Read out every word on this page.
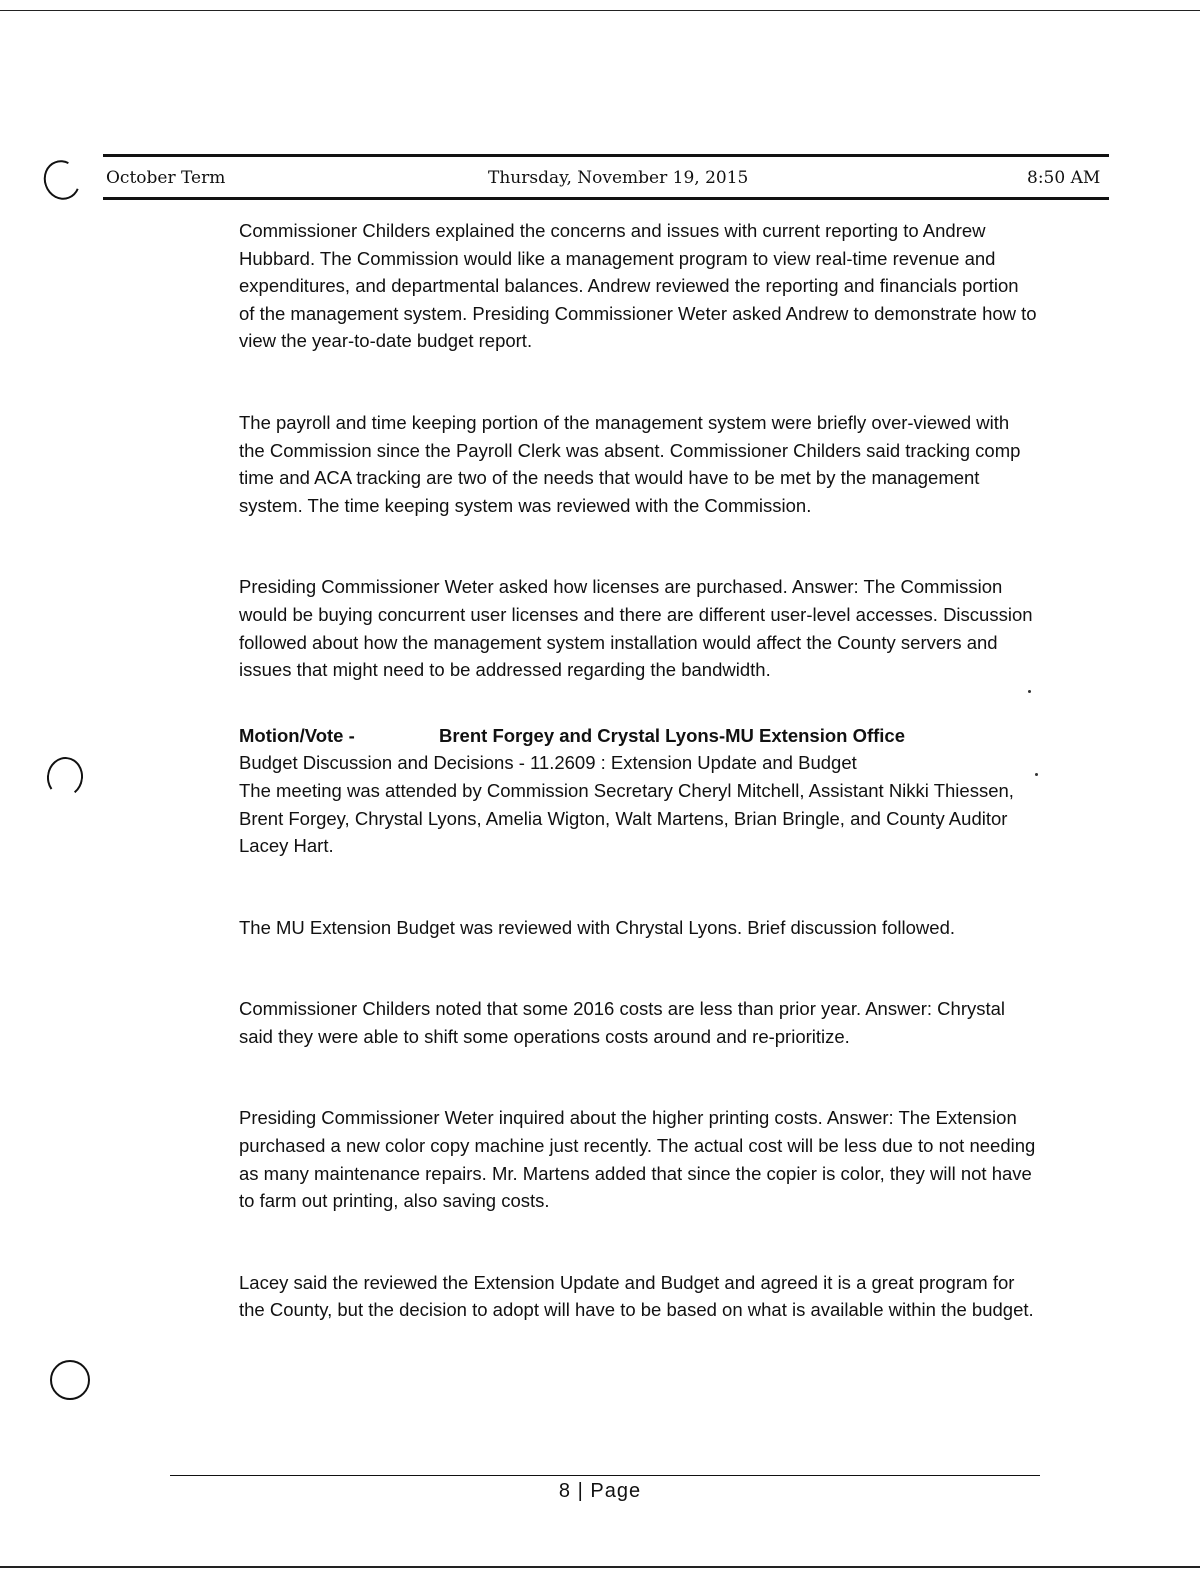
October Term	Thursday, November 19, 2015	8:50 AM

Commissioner Childers explained the concerns and issues with current reporting to Andrew Hubbard. The Commission would like a management program to view real-time revenue and expenditures, and departmental balances. Andrew reviewed the reporting and financials portion of the management system. Presiding Commissioner Weter asked Andrew to demonstrate how to view the year-to-date budget report.

The payroll and time keeping portion of the management system were briefly over-viewed with the Commission since the Payroll Clerk was absent. Commissioner Childers said tracking comp time and ACA tracking are two of the needs that would have to be met by the management system. The time keeping system was reviewed with the Commission.

Presiding Commissioner Weter asked how licenses are purchased. Answer: The Commission would be buying concurrent user licenses and there are different user-level accesses. Discussion followed about how the management system installation would affect the County servers and issues that might need to be addressed regarding the bandwidth.

Motion/Vote -	Brent Forgey and Crystal Lyons-MU Extension Office

Budget Discussion and Decisions - 11.2609 : Extension Update and Budget

The meeting was attended by Commission Secretary Cheryl Mitchell, Assistant Nikki Thiessen, Brent Forgey, Chrystal Lyons, Amelia Wigton, Walt Martens, Brian Bringle, and County Auditor Lacey Hart.

The MU Extension Budget was reviewed with Chrystal Lyons. Brief discussion followed.

Commissioner Childers noted that some 2016 costs are less than prior year. Answer: Chrystal said they were able to shift some operations costs around and re-prioritize.

Presiding Commissioner Weter inquired about the higher printing costs. Answer: The Extension purchased a new color copy machine just recently. The actual cost will be less due to not needing as many maintenance repairs. Mr. Martens added that since the copier is color, they will not have to farm out printing, also saving costs.

Lacey said the reviewed the Extension Update and Budget and agreed it is a great program for the County, but the decision to adopt will have to be based on what is available within the budget.

8 | Page
